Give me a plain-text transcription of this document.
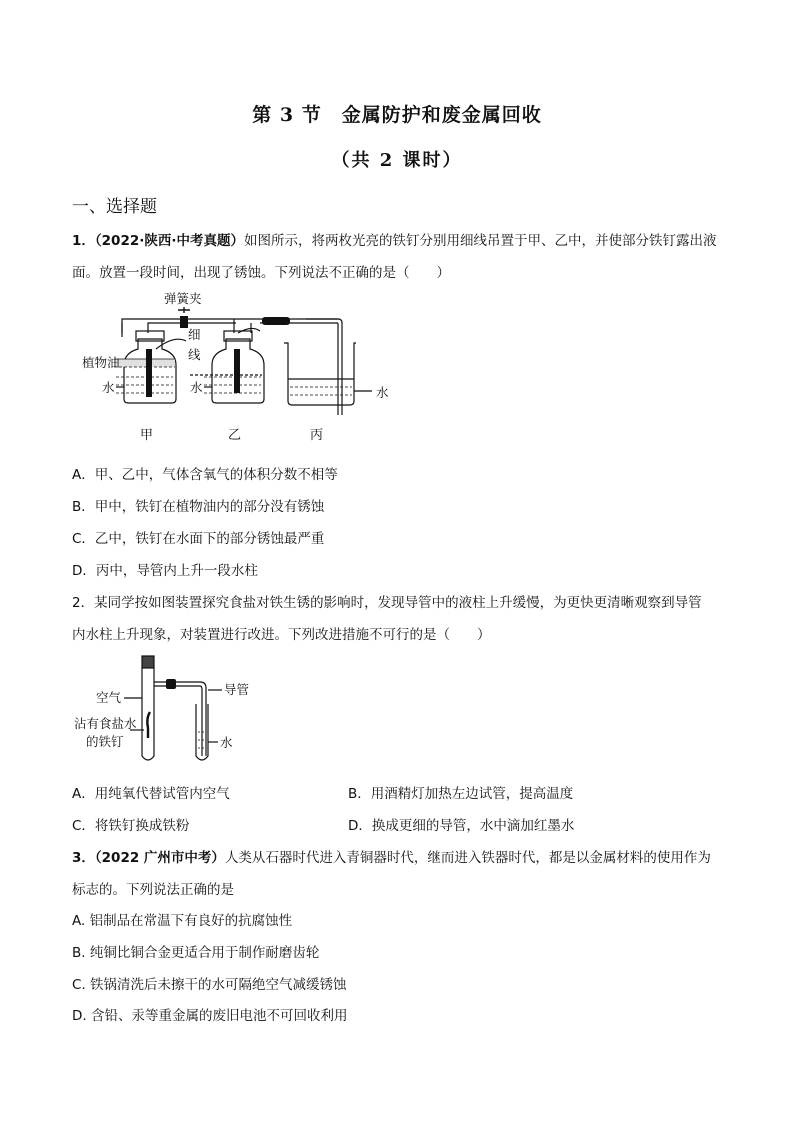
第 3 节　金属防护和废金属回收
（共 2 课时）
一、选择题
1．（2022·陕西·中考真题）如图所示，将两枚光亮的铁钉分别用细线吊置于甲、乙中，并使部分铁钉露出液
面。放置一段时间，出现了锈蚀。下列说法不正确的是（　　）
弹簧夹
细
线
植物油
水	水	水
甲	乙	丙
A．甲、乙中，气体含氧气的体积分数不相等
B．甲中，铁钉在植物油内的部分没有锈蚀
C．乙中，铁钉在水面下的部分锈蚀最严重
D．丙中，导管内上升一段水柱
2．某同学按如图装置探究食盐对铁生锈的影响时，发现导管中的液柱上升缓慢，为更快更清晰观察到导管
内水柱上升现象，对装置进行改进。下列改进措施不可行的是（　　）
空气
沾有食盐水
的铁钉
导管
水
A．用纯氧代替试管内空气	B．用酒精灯加热左边试管，提高温度
C．将铁钉换成铁粉	D．换成更细的导管，水中滴加红墨水
3．（2022 广州市中考）人类从石器时代进入青铜器时代，继而进入铁器时代，都是以金属材料的使用作为
标志的。下列说法正确的是
A. 铝制品在常温下有良好的抗腐蚀性
B. 纯铜比铜合金更适合用于制作耐磨齿轮
C. 铁锅清洗后未擦干的水可隔绝空气减缓锈蚀
D. 含铅、汞等重金属的废旧电池不可回收利用
